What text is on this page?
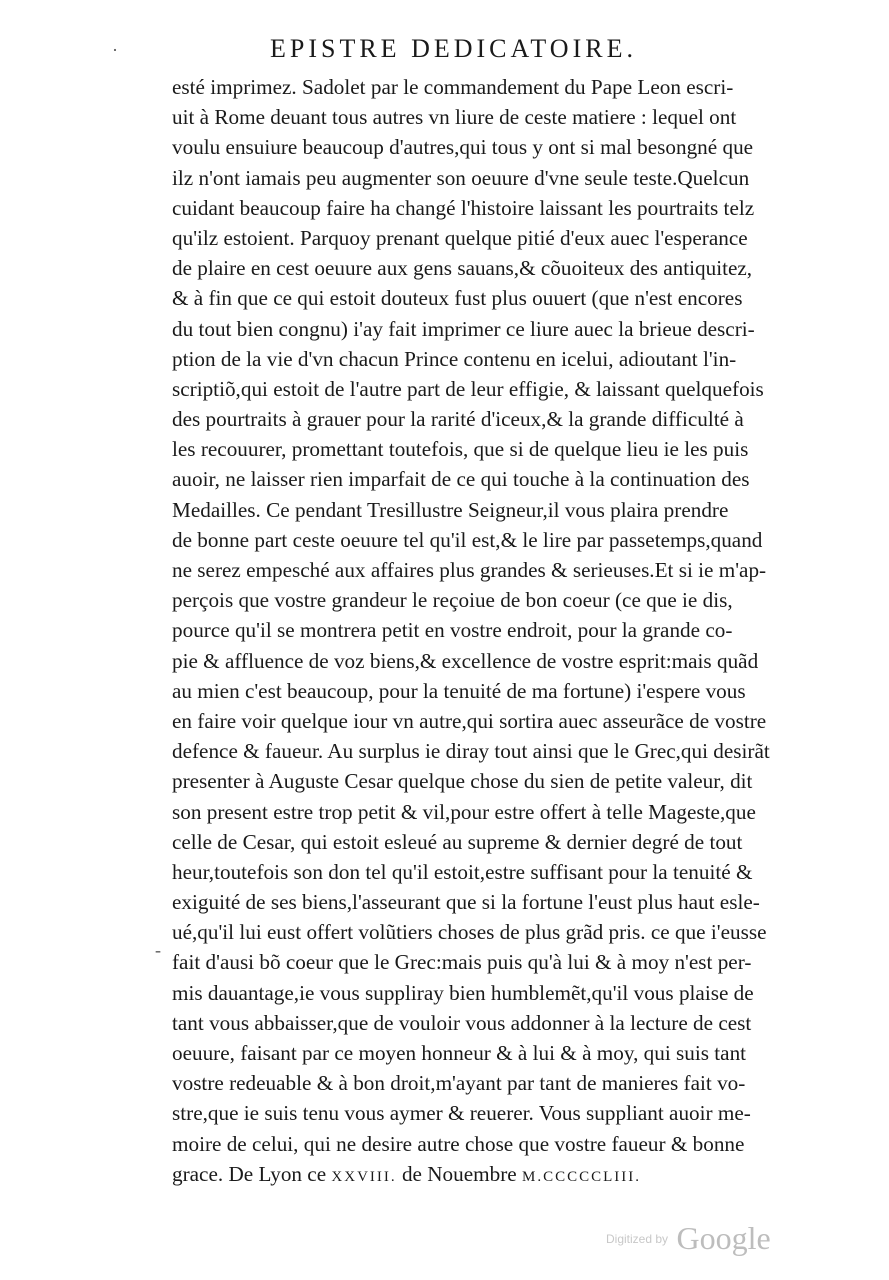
·
-
EPISTRE DEDICATOIRE.
esté imprimez. Sadolet par le commandement du Pape Leon escri-
uit à Rome deuant tous autres vn liure de ceste matiere : lequel ont
voulu ensuiure beaucoup d'autres,qui tous y ont si mal besongné que
ilz n'ont iamais peu augmenter son oeuure d'vne seule teste.Quelcun
cuidant beaucoup faire ha changé l'histoire laissant les pourtraits telz
qu'ilz estoient. Parquoy prenant quelque pitié d'eux auec l'esperance
de plaire en cest oeuure aux gens sauans,& cõuoiteux des antiquitez,
& à fin que ce qui estoit douteux fust plus ouuert (que n'est encores
du tout bien congnu) i'ay fait imprimer ce liure auec la brieue descri-
ption de la vie d'vn chacun Prince contenu en icelui, adioutant l'in-
scriptiõ,qui estoit de l'autre part de leur effigie, & laissant quelquefois
des pourtraits à grauer pour la rarité d'iceux,& la grande difficulté à
les recouurer, promettant toutefois, que si de quelque lieu ie les puis
auoir, ne laisser rien imparfait de ce qui touche à la continuation des
Medailles. Ce pendant Tresillustre Seigneur,il vous plaira prendre
de bonne part ceste oeuure tel qu'il est,& le lire par passetemps,quand
ne serez empesché aux affaires plus grandes & serieuses.Et si ie m'ap-
perçois que vostre grandeur le reçoiue de bon coeur (ce que ie dis,
pource qu'il se montrera petit en vostre endroit, pour la grande co-
pie & affluence de voz biens,& excellence de vostre esprit:mais quãd
au mien c'est beaucoup, pour la tenuité de ma fortune) i'espere vous
en faire voir quelque iour vn autre,qui sortira auec asseurãce de vostre
defence & faueur. Au surplus ie diray tout ainsi que le Grec,qui desirãt
presenter à Auguste Cesar quelque chose du sien de petite valeur, dit
son present estre trop petit & vil,pour estre offert à telle Mageste,que
celle de Cesar, qui estoit esleué au supreme & dernier degré de tout
heur,toutefois son don tel qu'il estoit,estre suffisant pour la tenuité &
exiguité de ses biens,l'asseurant que si la fortune l'eust plus haut esle-
ué,qu'il lui eust offert volũtiers choses de plus grãd pris. ce que i'eusse
fait d'ausi bõ coeur que le Grec:mais puis qu'à lui & à moy n'est per-
mis dauantage,ie vous suppliray bien humblemẽt,qu'il vous plaise de
tant vous abbaisser,que de vouloir vous addonner à la lecture de cest
oeuure, faisant par ce moyen honneur & à lui & à moy, qui suis tant
vostre redeuable & à bon droit,m'ayant par tant de manieres fait vo-
stre,que ie suis tenu vous aymer & reuerer. Vous suppliant auoir me-
moire de celui, qui ne desire autre chose que vostre faueur & bonne
grace. De Lyon ce XXVIII. de Nouembre M.CCCCCLIII.
Digitized by Google
